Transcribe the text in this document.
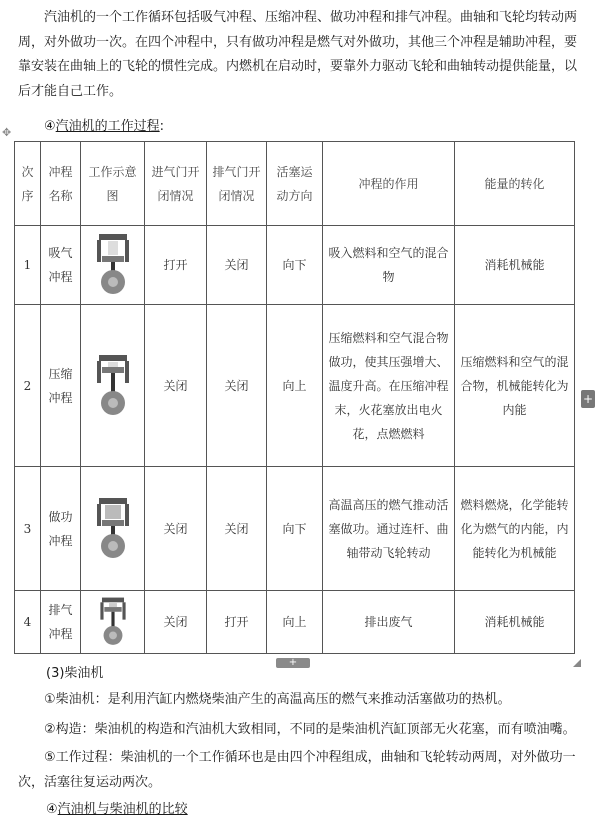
汽油机的一个工作循环包括吸气冲程、压缩冲程、做功冲程和排气冲程。曲轴和飞轮均转动两周，对外做功一次。在四个冲程中，只有做功冲程是燃气对外做功，其他三个冲程是辅助冲程，要靠安装在曲轴上的飞轮的惯性完成。内燃机在启动时，要靠外力驱动飞轮和曲轴转动提供能量，以后才能自己工作。

✥	④汽油机的工作过程:
次序	冲程名称	工作示意图	进气门开闭情况	排气门开闭情况	活塞运动方向	冲程的作用	能量的转化
1	吸气冲程		打开	关闭	向下	吸入燃料和空气的混合物	消耗机械能
2	压缩冲程		关闭	关闭	向上	压缩燃料和空气混合物做功，使其压强增大、温度升高。在压缩冲程末，火花塞放出电火花，点燃燃料	压缩燃料和空气的混合物，机械能转化为内能
3	做功冲程		关闭	关闭	向下	高温高压的燃气推动活塞做功。通过连杆、曲轴带动飞轮转动	燃料燃烧，化学能转化为燃气的内能，内能转化为机械能
4	排气冲程		关闭	打开	向上	排出废气	消耗机械能
+
+
(3)柴油机

①柴油机：是利用汽缸内燃烧柴油产生的高温高压的燃气来推动活塞做功的热机。

②构造：柴油机的构造和汽油机大致相同，不同的是柴油机汽缸顶部无火花塞，而有喷油嘴。

⑤工作过程：柴油机的一个工作循环也是由四个冲程组成，曲轴和飞轮转动两周，对外做功一次，活塞往复运动两次。

④汽油机与柴油机的比较
